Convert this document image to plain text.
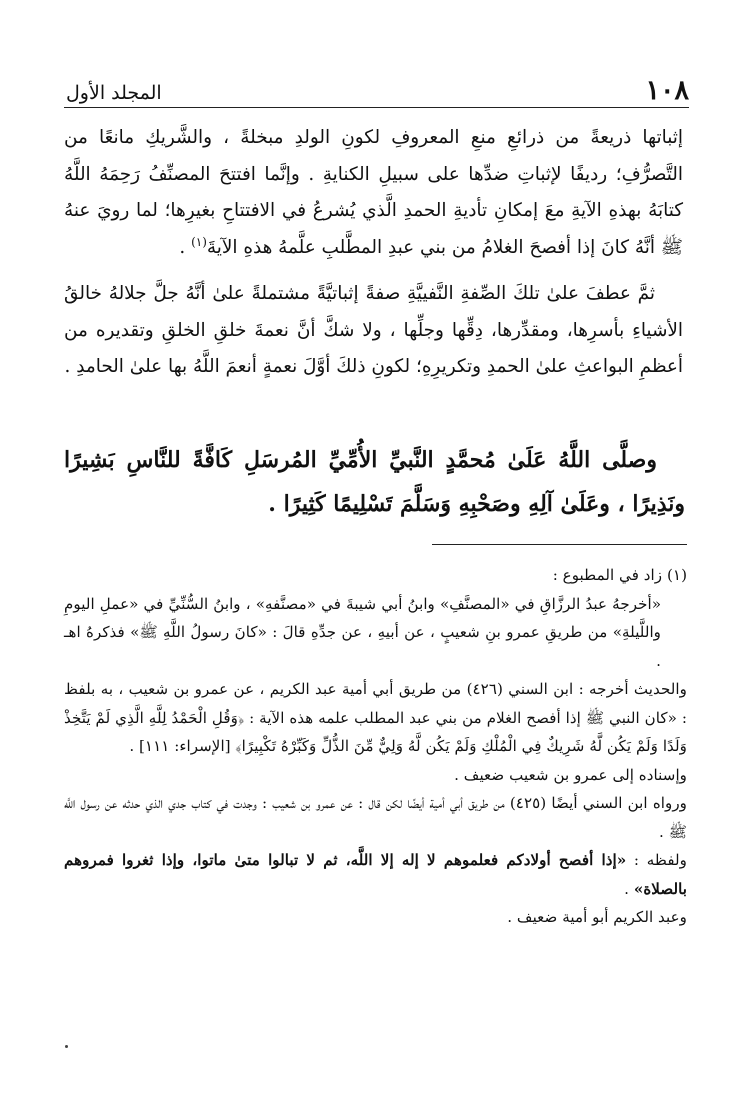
١٠٨
المجلد الأول

إثباتها ذريعةً من ذرائعِ منعِ المعروفِ لكونِ الولدِ مبخلةً ، والشَّريكِ مانعًا من التَّصرُّفِ؛ رديفًا لإثباتِ ضدِّها على سبيلِ الكنايةِ . وإنَّما افتتحَ المصنِّفُ رَحِمَهُ اللَّهُ كتابَهُ بهذهِ الآيةِ معَ إمكانِ تأديةِ الحمدِ الَّذي يُشرعُ في الافتتاحِ بغيرِها؛ لما رويَ عنهُ ﷺ أنَّهُ كانَ إذا أفصحَ الغلامُ من بني عبدِ المطَّلبِ علَّمهُ هذهِ الآيةَ$^{(١)}$ .

ثمَّ عطفَ علىٰ تلكَ الصِّفةِ النَّفييَّةِ صفةً إثباتيَّةً مشتملةً علىٰ أنَّهُ جلَّ جلالهُ خالقُ الأشياءِ بأسرِها، ومقدِّرها، دِقِّها وجلِّها ، ولا شكَّ أنَّ نعمةَ خلقِ الخلقِ وتقديره من أعظمِ البواعثِ علىٰ الحمدِ وتكريرِهِ؛ لكونِ ذلكَ أوَّلَ نعمةٍ أنعمَ اللَّهُ بها علىٰ الحامدِ .

وصلَّى اللَّهُ عَلَىٰ مُحمَّدٍ النَّبيِّ الأُمِّيِّ المُرسَلِ كَافَّةً للنَّاسِ بَشِيرًا ونَذِيرًا ، وعَلَىٰ آلِهِ وصَحْبِهِ وَسَلَّمَ تَسْلِيمًا كَثِيرًا .

(١) زاد في المطبوع :

«أخرجهُ عبدُ الرزَّاقِ في «المصنَّفِ» وابنُ أبي شيبةَ في «مصنَّفهِ» ، وابنُ السُّنِّيِّ في «عملِ اليومِ واللَّيلةِ» من طريقِ عمرو بنِ شعيبٍ ، عن أبيهِ ، عن جدِّهِ قالَ : «كانَ رسولُ اللَّهِ ﷺ» فذكرهُ اهـ .

والحديث أخرجه : ابن السني (٤٢٦) من طريق أبي أمية عبد الكريم ، عن عمرو بن شعيب ، به بلفظ : «كان النبي ﷺ إذا أفصح الغلام من بني عبد المطلب علمه هذه الآية : ﴿وَقُلِ الْحَمْدُ لِلَّهِ الَّذِي لَمْ يَتَّخِذْ وَلَدًا وَلَمْ يَكُن لَّهُ شَرِيكٌ فِي الْمُلْكِ وَلَمْ يَكُن لَّهُ وَلِيٌّ مِّنَ الذُّلِّ وَكَبِّرْهُ تَكْبِيرًا﴾ [الإسراء: ١١١] .

وإسناده إلى عمرو بن شعيب ضعيف .

ورواه ابن السني أيضًا (٤٢٥) من طريق أبي أمية أيضًا لكن قال : عن عمرو بن شعيب : وجدت في كتاب جدي الذي حدثه عن رسول اللَّه ﷺ .

ولفظه : «إذا أفصح أولادكم فعلموهم لا إله إلا اللَّه، ثم لا تبالوا متىٰ ماتوا، وإذا ثغروا فمروهم بالصلاة» .

وعبد الكريم أبو أمية ضعيف .
